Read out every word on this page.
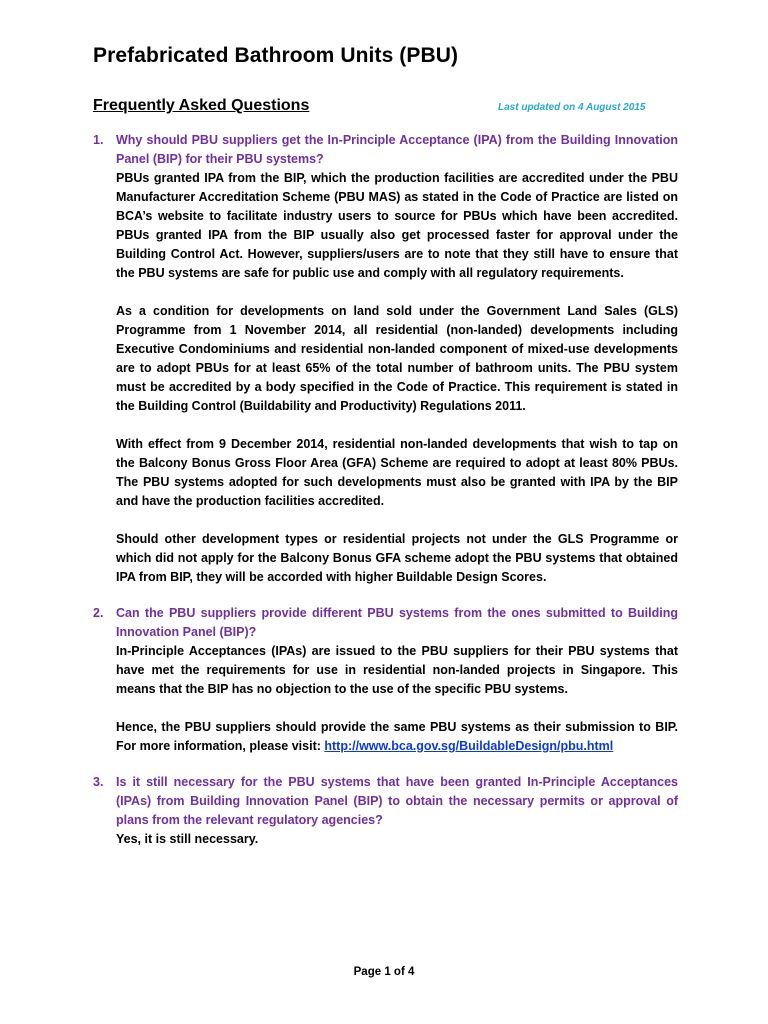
Prefabricated Bathroom Units (PBU)
Frequently Asked Questions	Last updated on 4 August 2015
1.	Why should PBU suppliers get the In-Principle Acceptance (IPA) from the Building Innovation Panel (BIP) for their PBU systems?

PBUs granted IPA from the BIP, which the production facilities are accredited under the PBU Manufacturer Accreditation Scheme (PBU MAS) as stated in the Code of Practice are listed on BCA’s website to facilitate industry users to source for PBUs which have been accredited. PBUs granted IPA from the BIP usually also get processed faster for approval under the Building Control Act. However, suppliers/users are to note that they still have to ensure that the PBU systems are safe for public use and comply with all regulatory requirements.

As a condition for developments on land sold under the Government Land Sales (GLS) Programme from 1 November 2014, all residential (non-landed) developments including Executive Condominiums and residential non-landed component of mixed-use developments are to adopt PBUs for at least 65% of the total number of bathroom units. The PBU system must be accredited by a body specified in the Code of Practice. This requirement is stated in the Building Control (Buildability and Productivity) Regulations 2011.

With effect from 9 December 2014, residential non-landed developments that wish to tap on the Balcony Bonus Gross Floor Area (GFA) Scheme are required to adopt at least 80% PBUs. The PBU systems adopted for such developments must also be granted with IPA by the BIP and have the production facilities accredited.

Should other development types or residential projects not under the GLS Programme or which did not apply for the Balcony Bonus GFA scheme adopt the PBU systems that obtained IPA from BIP, they will be accorded with higher Buildable Design Scores.

2.	Can the PBU suppliers provide different PBU systems from the ones submitted to Building Innovation Panel (BIP)?

In-Principle Acceptances (IPAs) are issued to the PBU suppliers for their PBU systems that have met the requirements for use in residential non-landed projects in Singapore. This means that the BIP has no objection to the use of the specific PBU systems.

Hence, the PBU suppliers should provide the same PBU systems as their submission to BIP. For more information, please visit: http://www.bca.gov.sg/BuildableDesign/pbu.html

3.	Is it still necessary for the PBU systems that have been granted In-Principle Acceptances (IPAs) from Building Innovation Panel (BIP) to obtain the necessary permits or approval of plans from the relevant regulatory agencies?

Yes, it is still necessary.

Page 1 of 4
